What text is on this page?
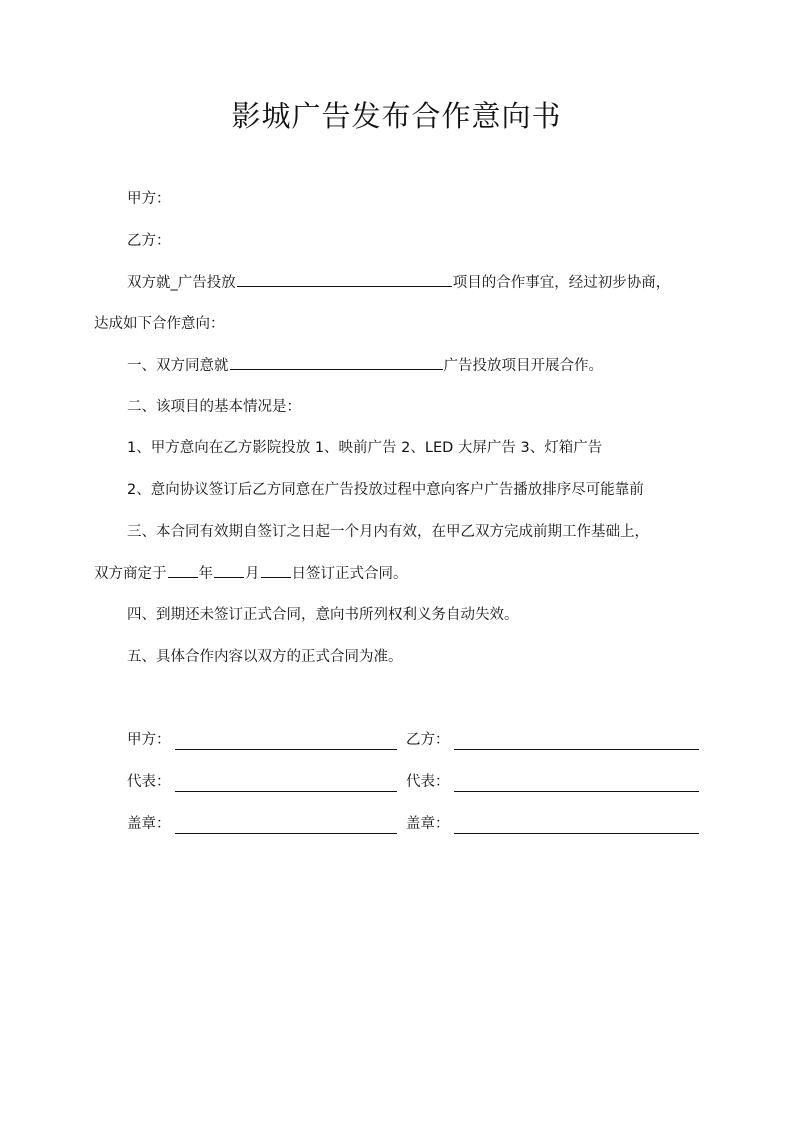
影城广告发布合作意向书
甲方：
乙方：
双方就_广告投放	项目的合作事宜，经过初步协商，
达成如下合作意向：
一、双方同意就	广告投放项目开展合作。
二、该项目的基本情况是：
1、甲方意向在乙方影院投放 1、映前广告 2、LED 大屏广告 3、灯箱广告
2、意向协议签订后乙方同意在广告投放过程中意向客户广告播放排序尽可能靠前
三、本合同有效期自签订之日起一个月内有效，在甲乙双方完成前期工作基础上，
双方商定于 年 月 日签订正式合同。
四、到期还未签订正式合同，意向书所列权利义务自动失效。
五、具体合作内容以双方的正式合同为准。
甲方：	乙方：
代表：	代表：
盖章：	盖章：
